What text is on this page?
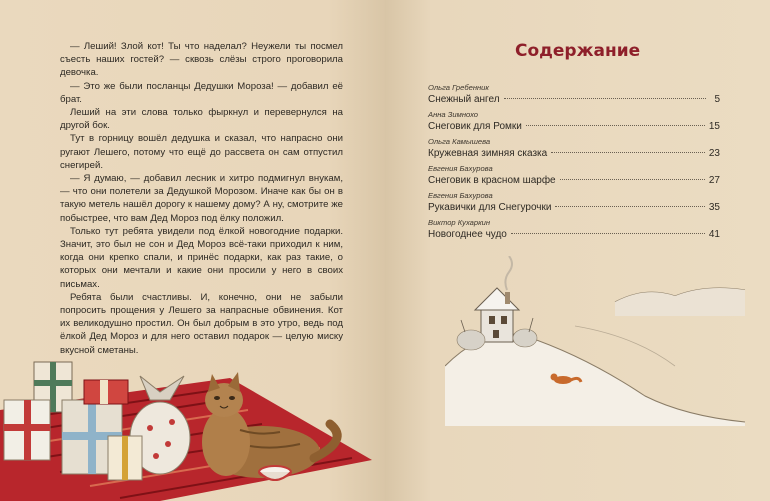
— Леший! Злой кот! Ты что наделал? Неужели ты посмел съесть наших гостей? — сквозь слёзы строго проговорила девочка.

— Это же были посланцы Дедушки Мороза! — добавил её брат.

Леший на эти слова только фыркнул и перевернулся на другой бок.

Тут в горницу вошёл дедушка и сказал, что напрасно они ругают Лешего, потому что ещё до рассвета он сам отпустил снегирей.

— Я думаю, — добавил лесник и хитро подмигнул внукам, — что они полетели за Дедушкой Морозом. Иначе как бы он в такую метель нашёл дорогу к нашему дому? А ну, смотрите же побыстрее, что вам Дед Мороз под ёлку положил.

Только тут ребята увидели под ёлкой новогодние подарки. Значит, это был не сон и Дед Мороз всё-таки приходил к ним, когда они крепко спали, и принёс подарки, как раз такие, о которых они мечтали и какие они просили у него в своих письмах.

Ребята были счастливы. И, конечно, они не забыли попросить прощения у Лешего за напрасные обвинения. Кот их великодушно простил. Он был добрым в это утро, ведь под ёлкой Дед Мороз и для него оставил подарок — целую миску вкусной сметаны.

Содержание
Ольга Гребенник
Снежный ангел	5
Анна Зимнохо
Снеговик для Ромки	15
Ольга Камышева
Кружевная зимняя сказка	23
Евгения Бахурова
Снеговик в красном шарфе	27
Евгения Бахурова
Рукавички для Снегурочки	35
Виктор Кухаркин
Новогоднее чудо	41
